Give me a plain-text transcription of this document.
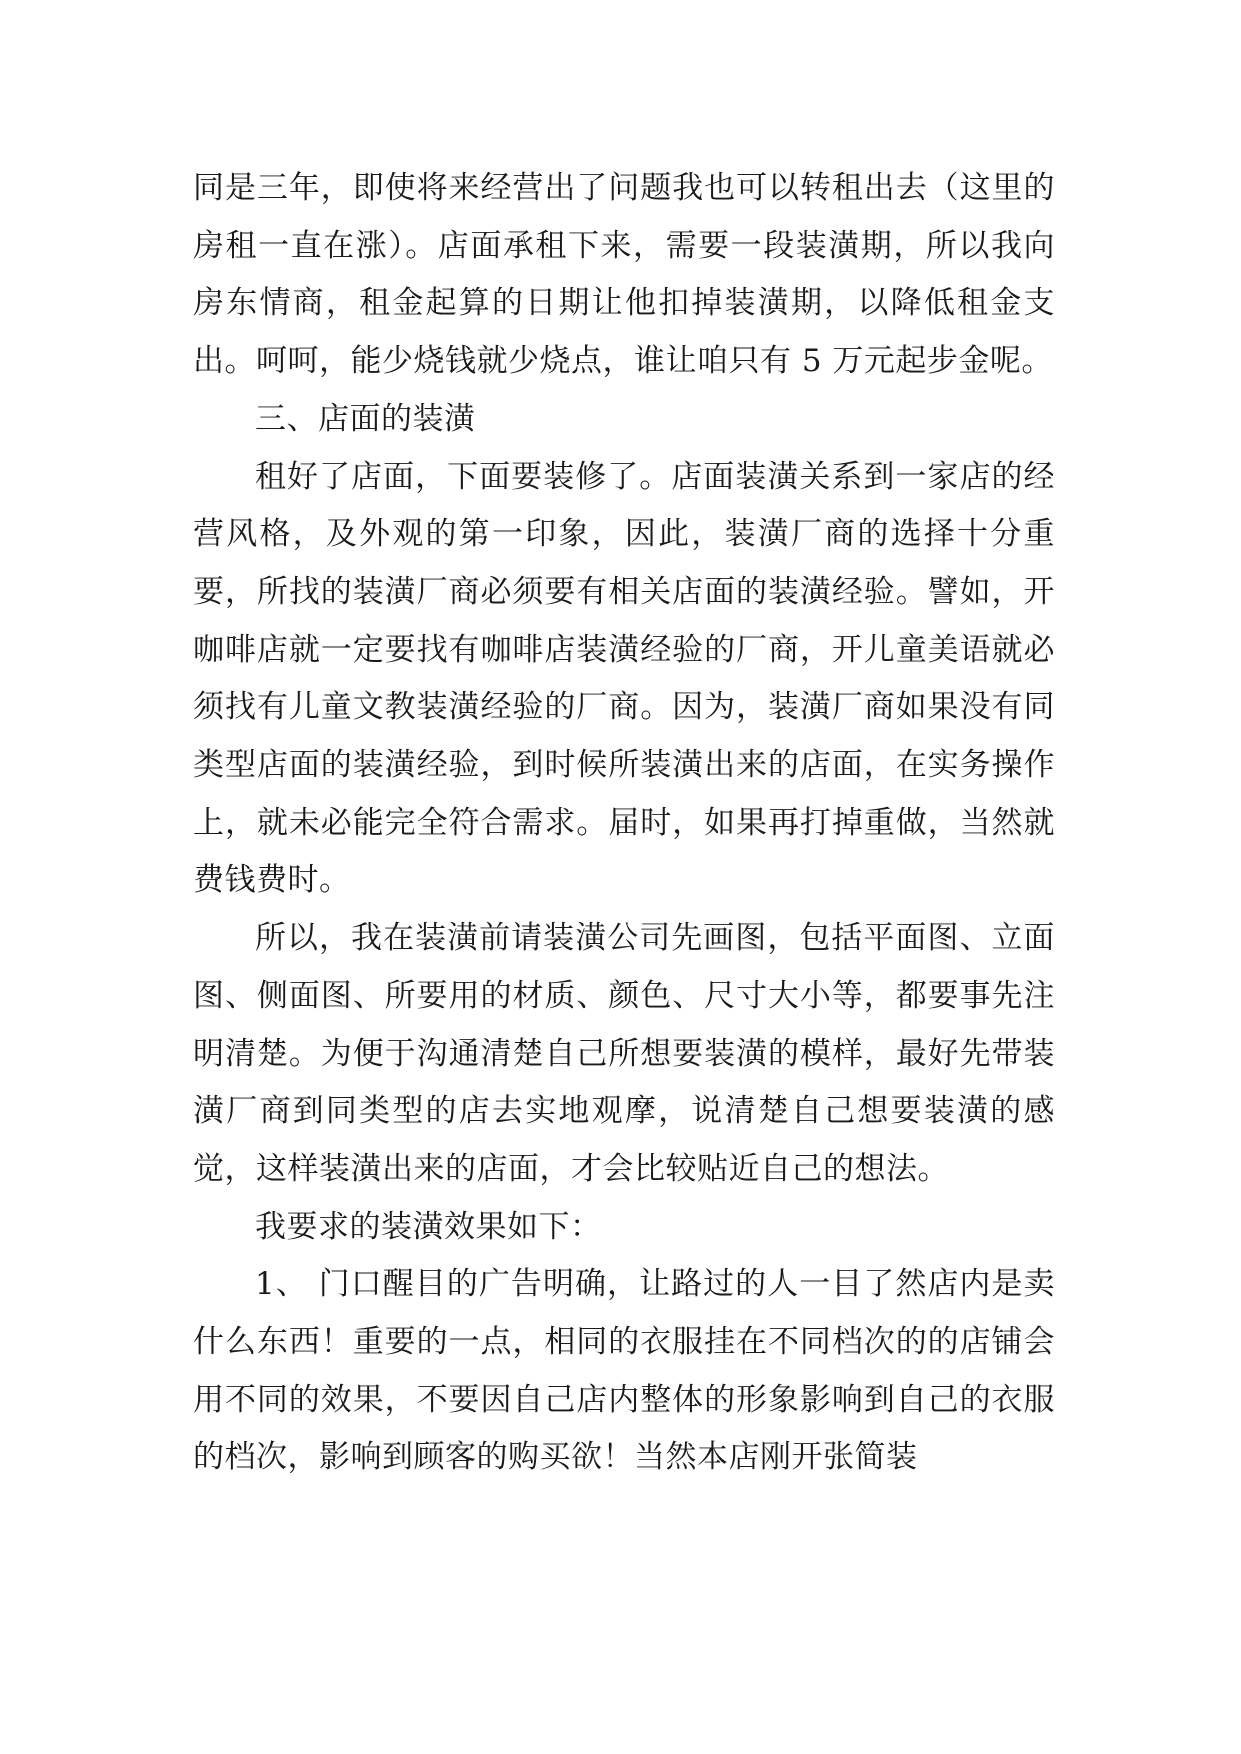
同是三年，即使将来经营出了问题我也可以转租出去（这里的房租一直在涨）。店面承租下来，需要一段装潢期，所以我向房东情商，租金起算的日期让他扣掉装潢期，以降低租金支出。呵呵，能少烧钱就少烧点，谁让咱只有 5 万元起步金呢。

三、店面的装潢

租好了店面，下面要装修了。店面装潢关系到一家店的经营风格，及外观的第一印象，因此，装潢厂商的选择十分重要，所找的装潢厂商必须要有相关店面的装潢经验。譬如，开咖啡店就一定要找有咖啡店装潢经验的厂商，开儿童美语就必须找有儿童文教装潢经验的厂商。因为，装潢厂商如果没有同类型店面的装潢经验，到时候所装潢出来的店面，在实务操作上，就未必能完全符合需求。届时，如果再打掉重做，当然就费钱费时。

所以，我在装潢前请装潢公司先画图，包括平面图、立面图、侧面图、所要用的材质、颜色、尺寸大小等，都要事先注明清楚。为便于沟通清楚自己所想要装潢的模样，最好先带装潢厂商到同类型的店去实地观摩，说清楚自己想要装潢的感觉，这样装潢出来的店面，才会比较贴近自己的想法。

我要求的装潢效果如下：

1、 门口醒目的广告明确，让路过的人一目了然店内是卖什么东西！重要的一点，相同的衣服挂在不同档次的的店铺会用不同的效果，不要因自己店内整体的形象影响到自己的衣服的档次，影响到顾客的购买欲！当然本店刚开张简装
